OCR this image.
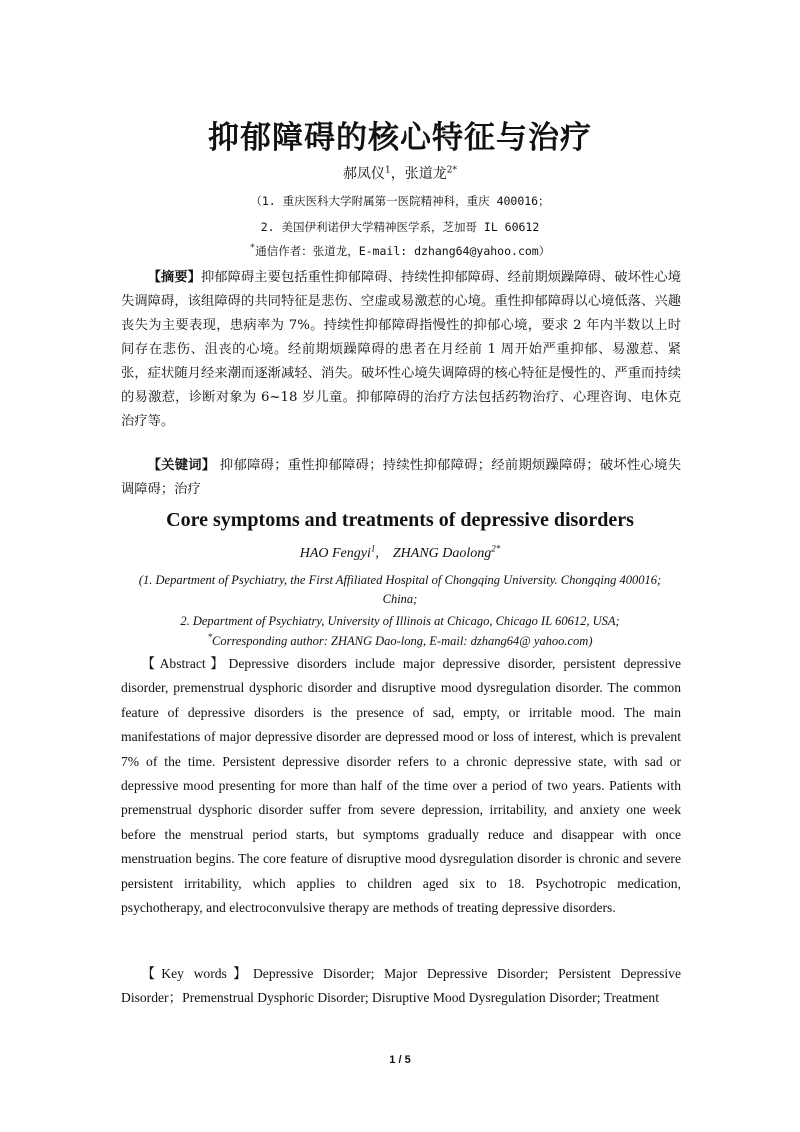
抑郁障碍的核心特征与治疗

郝凤仪$^1$，张道龙$^{2*}$

（1. 重庆医科大学附属第一医院精神科，重庆 400016；

2. 美国伊利诺伊大学精神医学系，芝加哥 IL 60612

*通信作者：张道龙，E-mail: dzhang64@yahoo.com）

【摘要】抑郁障碍主要包括重性抑郁障碍、持续性抑郁障碍、经前期烦躁障碍、破坏性心境失调障碍，该组障碍的共同特征是悲伤、空虚或易激惹的心境。重性抑郁障碍以心境低落、兴趣丧失为主要表现，患病率为 7%。持续性抑郁障碍指慢性的抑郁心境，要求 2 年内半数以上时间存在悲伤、沮丧的心境。经前期烦躁障碍的患者在月经前 1 周开始严重抑郁、易激惹、紧张，症状随月经来潮而逐渐减轻、消失。破坏性心境失调障碍的核心特征是慢性的、严重而持续的易激惹，诊断对象为 6~18 岁儿童。抑郁障碍的治疗方法包括药物治疗、心理咨询、电休克治疗等。

【关键词】 抑郁障碍；重性抑郁障碍；持续性抑郁障碍；经前期烦躁障碍；破坏性心境失调障碍；治疗

Core symptoms and treatments of depressive disorders

HAO Fengyi$^1$,    ZHANG Daolong$^{2*}$

(1. Department of Psychiatry, the First Affiliated Hospital of Chongqing University. Chongqing 400016;

China;

2. Department of Psychiatry, University of Illinois at Chicago, Chicago IL 60612, USA;

*Corresponding author: ZHANG Dao-long, E-mail: dzhang64@ yahoo.com)

【Abstract】Depressive disorders include major depressive disorder, persistent depressive disorder, premenstrual dysphoric disorder and disruptive mood dysregulation disorder. The common feature of depressive disorders is the presence of sad, empty, or irritable mood. The main manifestations of major depressive disorder are depressed mood or loss of interest, which is prevalent 7% of the time. Persistent depressive disorder refers to a chronic depressive state, with sad or depressive mood presenting for more than half of the time over a period of two years. Patients with premenstrual dysphoric disorder suffer from severe depression, irritability, and anxiety one week before the menstrual period starts, but symptoms gradually reduce and disappear with once menstruation begins. The core feature of disruptive mood dysregulation disorder is chronic and severe persistent irritability, which applies to children aged six to 18. Psychotropic medication, psychotherapy, and electroconvulsive therapy are methods of treating depressive disorders.

【Key words】Depressive Disorder; Major Depressive Disorder; Persistent Depressive Disorder；Premenstrual Dysphoric Disorder; Disruptive Mood Dysregulation Disorder; Treatment

1 / 5
